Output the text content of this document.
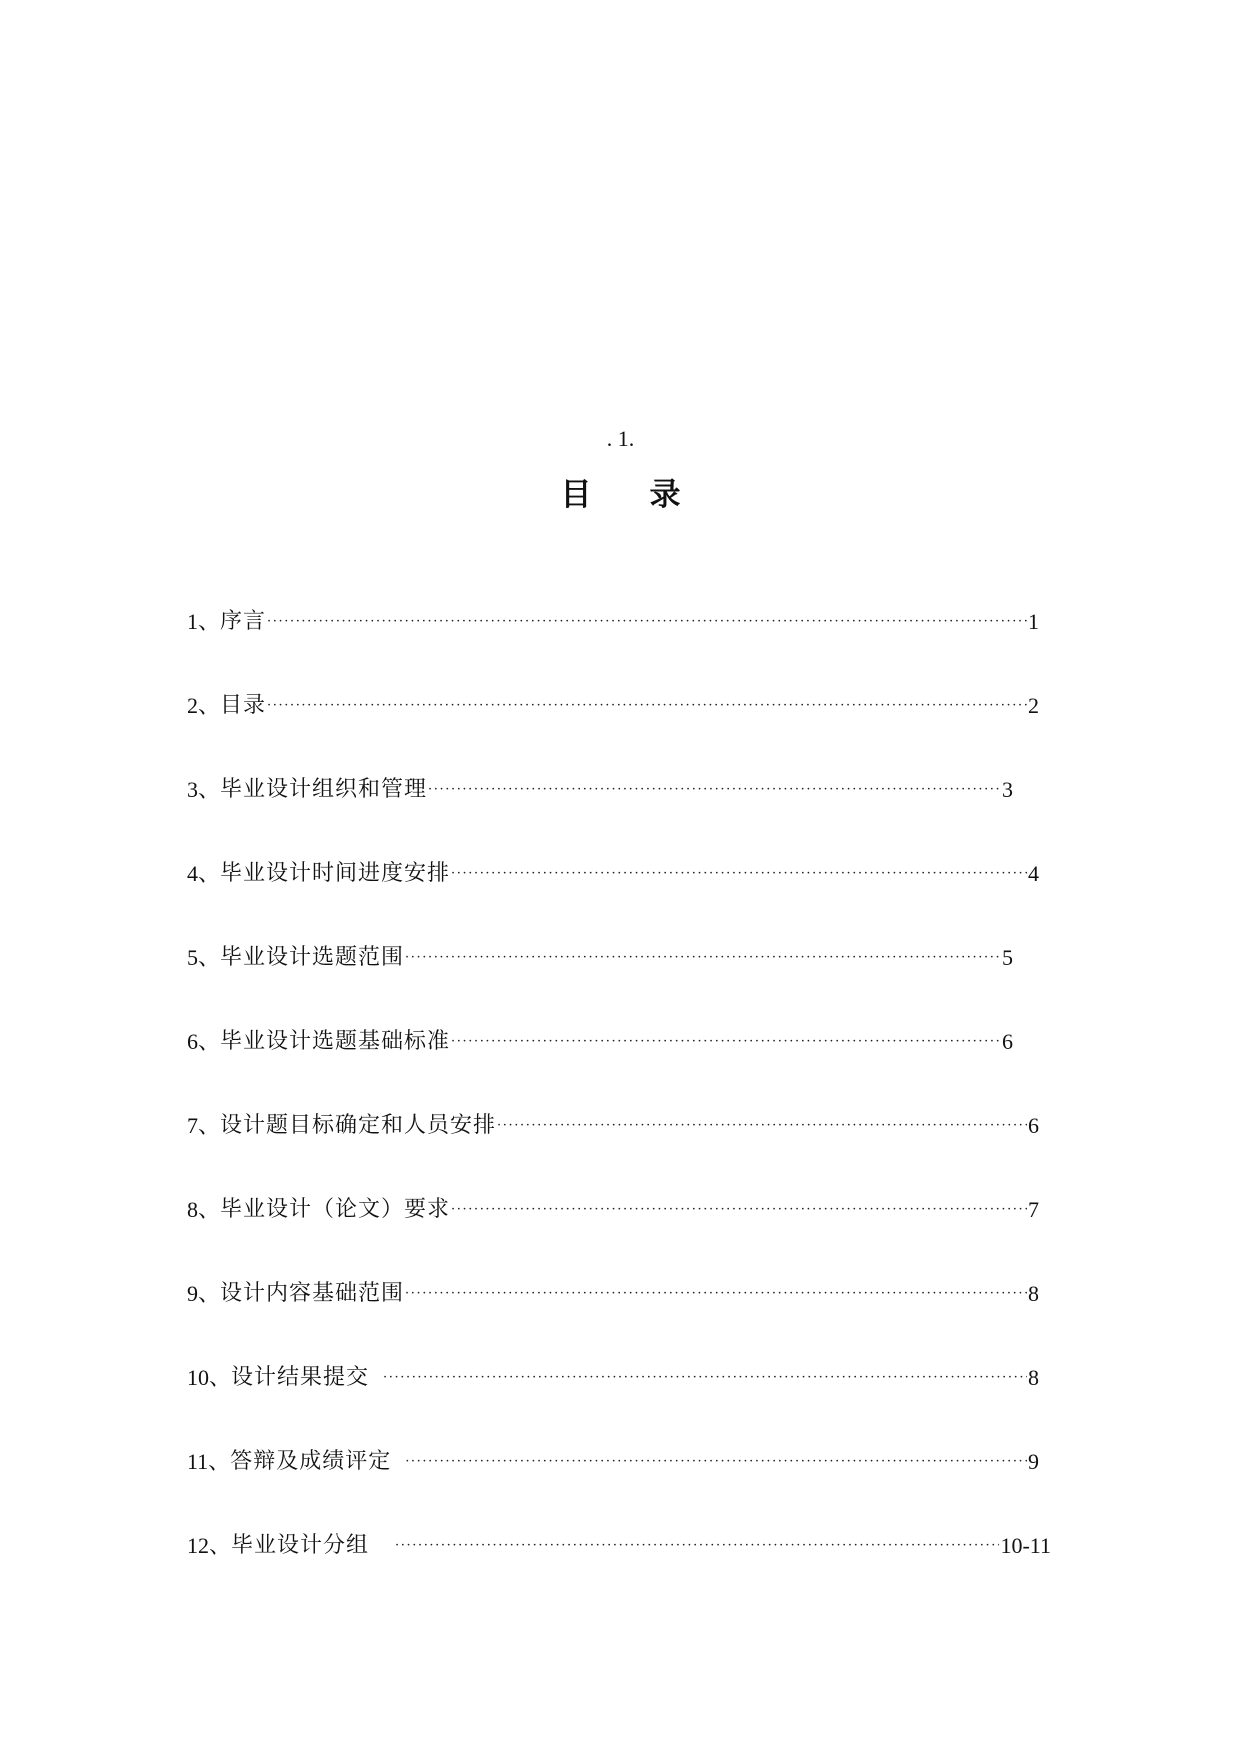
. 1.
目 录
1、 序言 ·····	1
2、 目录 ·····	2
3、 毕业设计组织和管理 ·····	3
4、 毕业设计时间进度安排 ·····	4
5、 毕业设计选题范围 ·····	5
6、 毕业设计选题基础标准 ·····	6
7、 设计题目标确定和人员安排 ·····	6
8、 毕业设计（论文）要求 ·····	7
9、 设计内容基础范围 ·····	8
10、 设计结果提交 ·····	8
11、 答辩及成绩评定 ·····	9
12、 毕业设计分组 ·····	10-11
